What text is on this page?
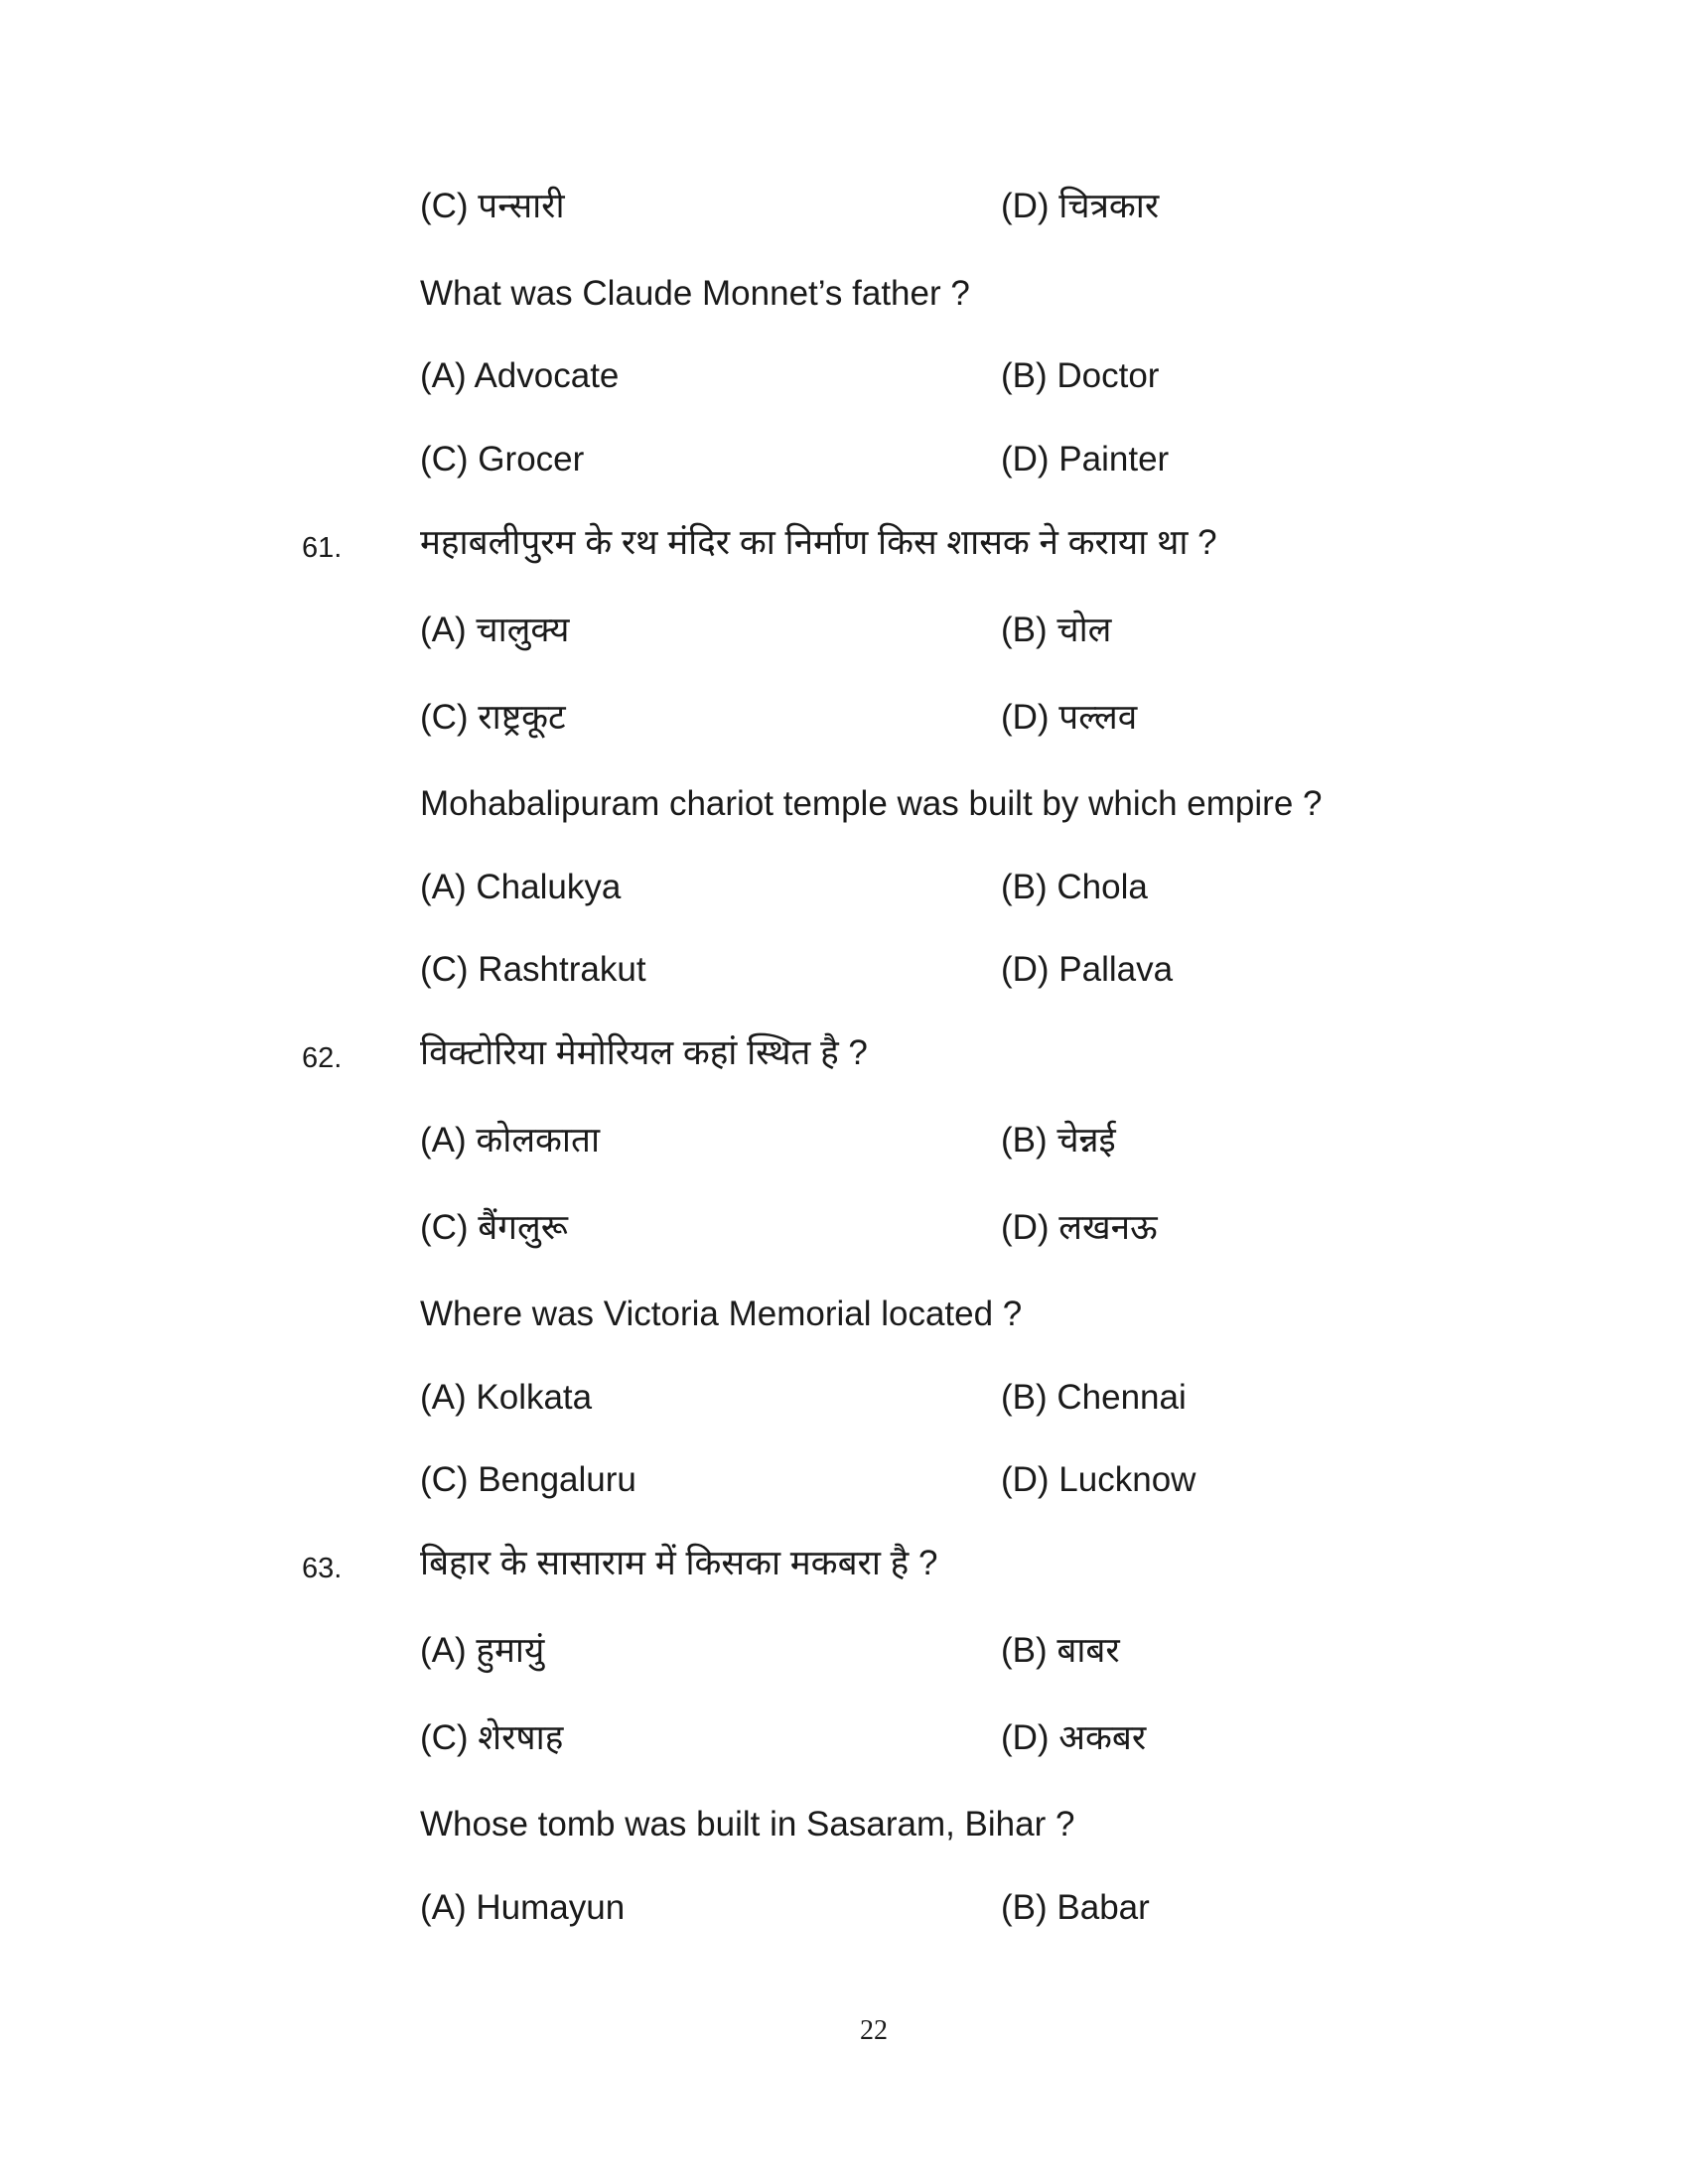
(C) पन्सारी	(D) चित्रकार
What was Claude Monnet’s father ?
(A) Advocate	(B) Doctor
(C) Grocer	(D) Painter
61. महाबलीपुरम के रथ मंदिर का निर्माण किस शासक ने कराया था ?
(A) चालुक्य	(B) चोल
(C) राष्ट्रकूट	(D) पल्लव
Mohabalipuram chariot temple was built by which empire ?
(A) Chalukya	(B) Chola
(C) Rashtrakut	(D) Pallava
62. विक्टोरिया मेमोरियल कहां स्थित है ?
(A) कोलकाता	(B) चेन्नई
(C) बैंगलुरू	(D) लखनऊ
Where was Victoria Memorial located ?
(A) Kolkata	(B) Chennai
(C) Bengaluru	(D) Lucknow
63. बिहार के सासाराम में किसका मकबरा है ?
(A) हुमायुं	(B) बाबर
(C) शेरषाह	(D) अकबर
Whose tomb was built in Sasaram, Bihar ?
(A) Humayun	(B) Babar
22
